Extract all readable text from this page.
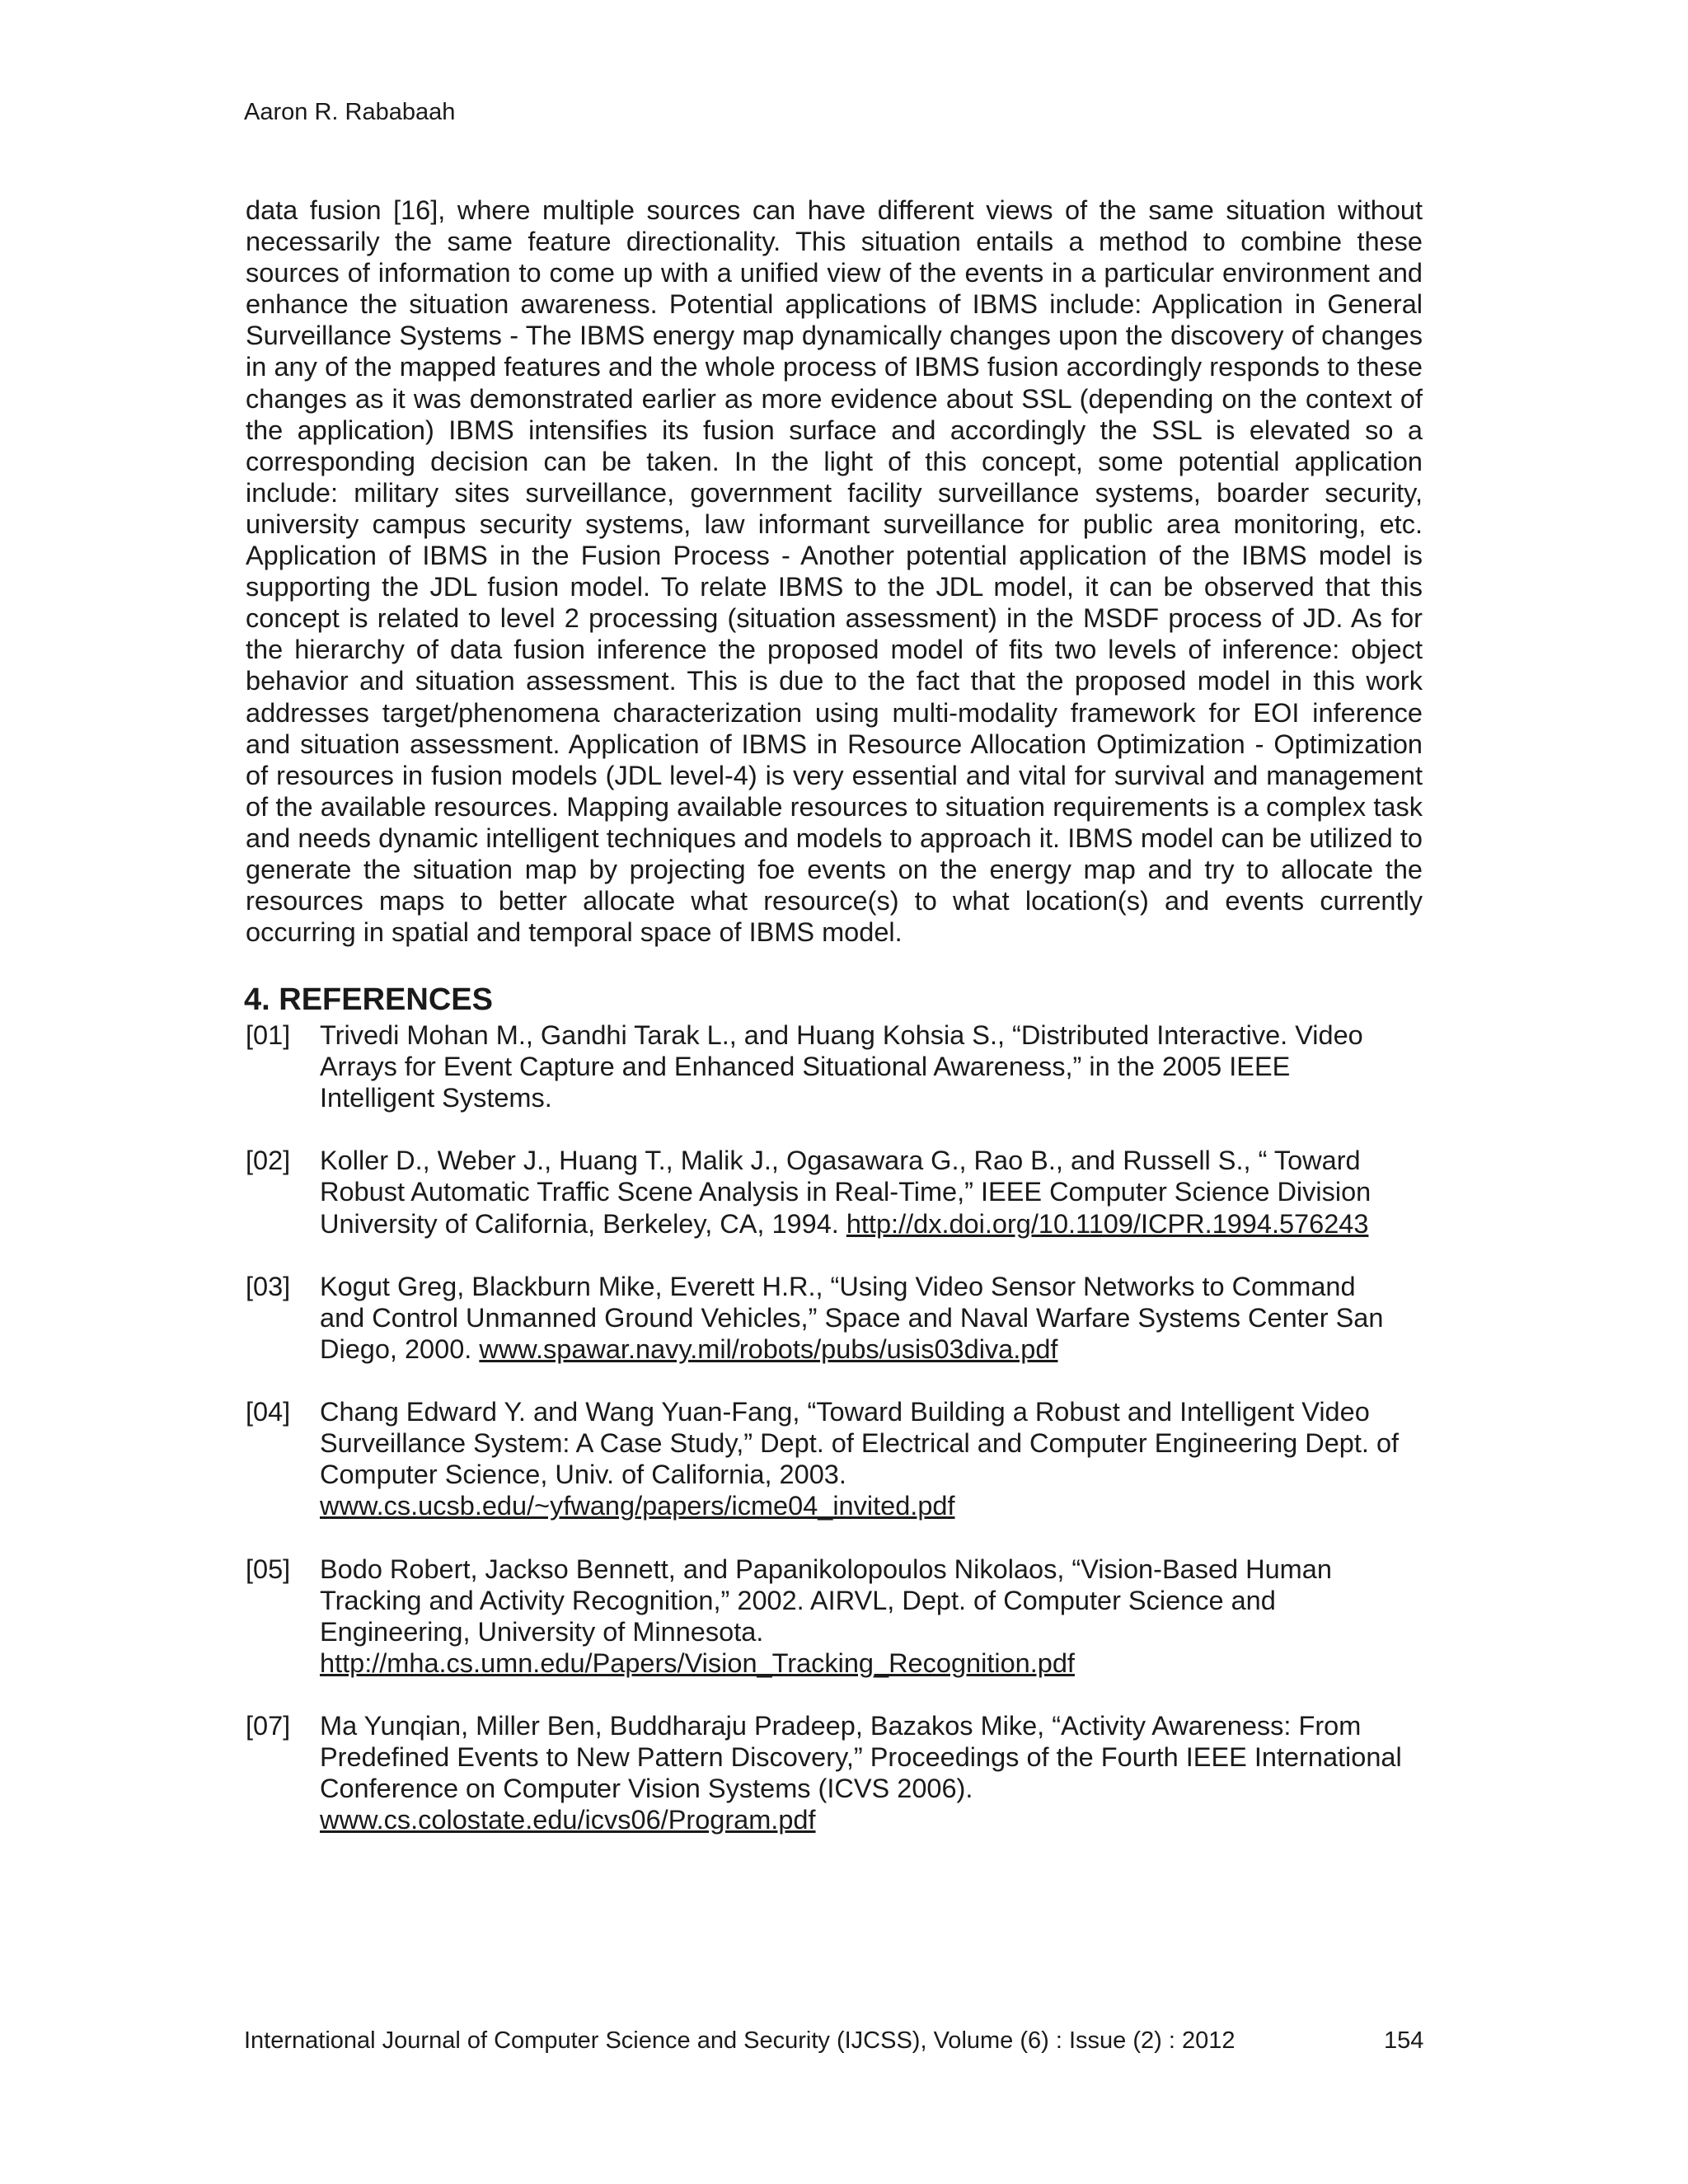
Aaron R. Rababaah

data fusion [16], where multiple sources can have different views of the same situation without necessarily the same feature directionality. This situation entails a method to combine these sources of information to come up with a unified view of the events in a particular environment and enhance the situation awareness. Potential applications of IBMS include: Application in General Surveillance Systems - The IBMS energy map dynamically changes upon the discovery of changes in any of the mapped features and the whole process of IBMS fusion accordingly responds to these changes as it was demonstrated earlier as more evidence about SSL (depending on the context of the application) IBMS intensifies its fusion surface and accordingly the SSL is elevated so a corresponding decision can be taken. In the light of this concept, some potential application include: military sites surveillance, government facility surveillance systems, boarder security, university campus security systems, law informant surveillance for public area monitoring, etc. Application of IBMS in the Fusion Process - Another potential application of the IBMS model is supporting the JDL fusion model. To relate IBMS to the JDL model, it can be observed that this concept is related to level 2 processing (situation assessment) in the MSDF process of JD. As for the hierarchy of data fusion inference the proposed model of fits two levels of inference: object behavior and situation assessment. This is due to the fact that the proposed model in this work addresses target/phenomena characterization using multi-modality framework for EOI inference and situation assessment. Application of IBMS in Resource Allocation Optimization - Optimization of resources in fusion models (JDL level-4) is very essential and vital for survival and management of the available resources. Mapping available resources to situation requirements is a complex task and needs dynamic intelligent techniques and models to approach it. IBMS model can be utilized to generate the situation map by projecting foe events on the energy map and try to allocate the resources maps to better allocate what resource(s) to what location(s) and events currently occurring in spatial and temporal space of IBMS model.

4. REFERENCES
[01] Trivedi Mohan M., Gandhi Tarak L., and Huang Kohsia S., “Distributed Interactive. Video
Arrays for Event Capture and Enhanced Situational Awareness,” in the 2005 IEEE
Intelligent Systems.
[02] Koller D., Weber J., Huang T., Malik J., Ogasawara G., Rao B., and Russell S., “ Toward
Robust Automatic Traffic Scene Analysis in Real-Time,” IEEE Computer Science Division
University of California, Berkeley, CA, 1994. http://dx.doi.org/10.1109/ICPR.1994.576243
[03] Kogut Greg, Blackburn Mike, Everett H.R., “Using Video Sensor Networks to Command
and Control Unmanned Ground Vehicles,” Space and Naval Warfare Systems Center San
Diego, 2000. www.spawar.navy.mil/robots/pubs/usis03diva.pdf
[04] Chang Edward Y. and Wang Yuan-Fang, “Toward Building a Robust and Intelligent Video
Surveillance System: A Case Study,” Dept. of Electrical and Computer Engineering Dept. of
Computer Science, Univ. of California, 2003.
www.cs.ucsb.edu/~yfwang/papers/icme04_invited.pdf
[05] Bodo Robert, Jackso Bennett, and Papanikolopoulos Nikolaos, “Vision-Based Human
Tracking and Activity Recognition,” 2002. AIRVL, Dept. of Computer Science and
Engineering, University of Minnesota.
http://mha.cs.umn.edu/Papers/Vision_Tracking_Recognition.pdf
[07] Ma Yunqian, Miller Ben, Buddharaju Pradeep, Bazakos Mike, “Activity Awareness: From
Predefined Events to New Pattern Discovery,” Proceedings of the Fourth IEEE International
Conference on Computer Vision Systems (ICVS 2006).
www.cs.colostate.edu/icvs06/Program.pdf
International Journal of Computer Science and Security (IJCSS), Volume (6) : Issue (2) : 2012	154
